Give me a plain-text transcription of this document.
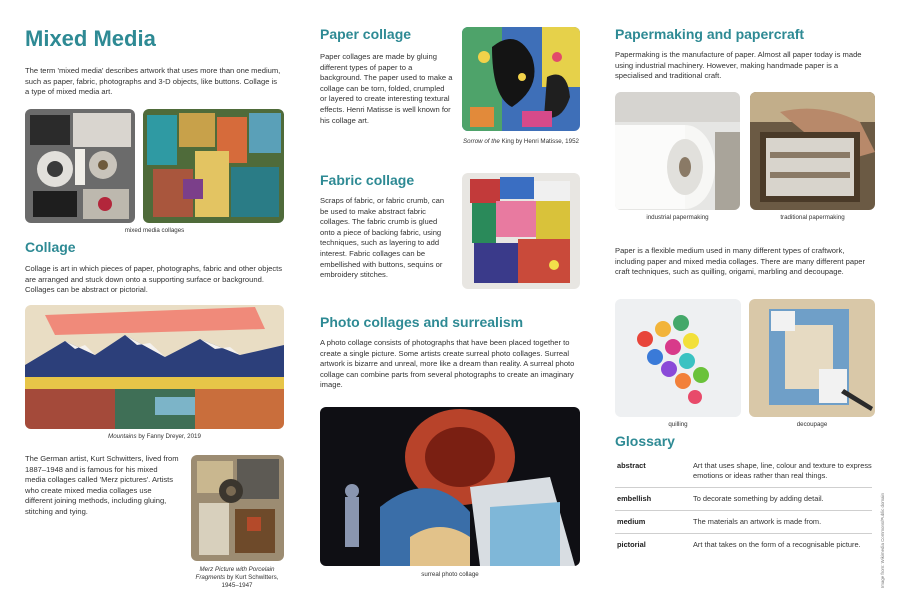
Mixed Media

The term 'mixed media' describes artwork that uses more than one medium, such as paper, fabric, photographs and 3-D objects, like buttons. Collage is a type of mixed media art.

mixed media collages
Collage

Collage is art in which pieces of paper, photographs, fabric and other objects are arranged and stuck down onto a supporting surface or background. Collages can be abstract or pictorial.

Mountains by Fanny Dreyer, 2019

The German artist, Kurt Schwitters, lived from 1887–1948 and is famous for his mixed media collages called 'Merz pictures'. Artists who create mixed media collages use different joining methods, including gluing, stitching and tying.

Merz Picture with Porcelain Fragments by Kurt Schwitters, 1945–1947
Paper collage

Paper collages are made by gluing different types of paper to a background. The paper used to make a collage can be torn, folded, crumpled or layered to create interesting textural effects. Henri Matisse is well known for his collage art.

Sorrow of the King by Henri Matisse, 1952
Fabric collage

Scraps of fabric, or fabric crumb, can be used to make abstract fabric collages. The fabric crumb is glued onto a piece of backing fabric, using techniques, such as layering to add interest. Fabric collages can be embellished with buttons, sequins or embroidery stitches.

Photo collages and surrealism

A photo collage consists of photographs that have been placed together to create a single picture. Some artists create surreal photo collages. Surreal artwork is bizarre and unreal, more like a dream than reality. A surreal photo collage can combine parts from several photographs to create an imaginary image.

surreal photo collage
Papermaking and papercraft

Papermaking is the manufacture of paper. Almost all paper today is made using industrial machinery. However, making handmade paper is a specialised and traditional craft.

industrial papermaking	traditional papermaking

Paper is a flexible medium used in many different types of craftwork, including paper and mixed media collages. There are many different paper craft techniques, such as quilling, origami, marbling and decoupage.

quilling	decoupage
Glossary
abstract	Art that uses shape, line, colour and texture to express emotions or ideas rather than real things.
embellish	To decorate something by adding detail.
medium	The materials an artwork is made from.
pictorial	Art that takes on the form of a recognisable picture.	Image from: Wikimedia Commons/Public domain
